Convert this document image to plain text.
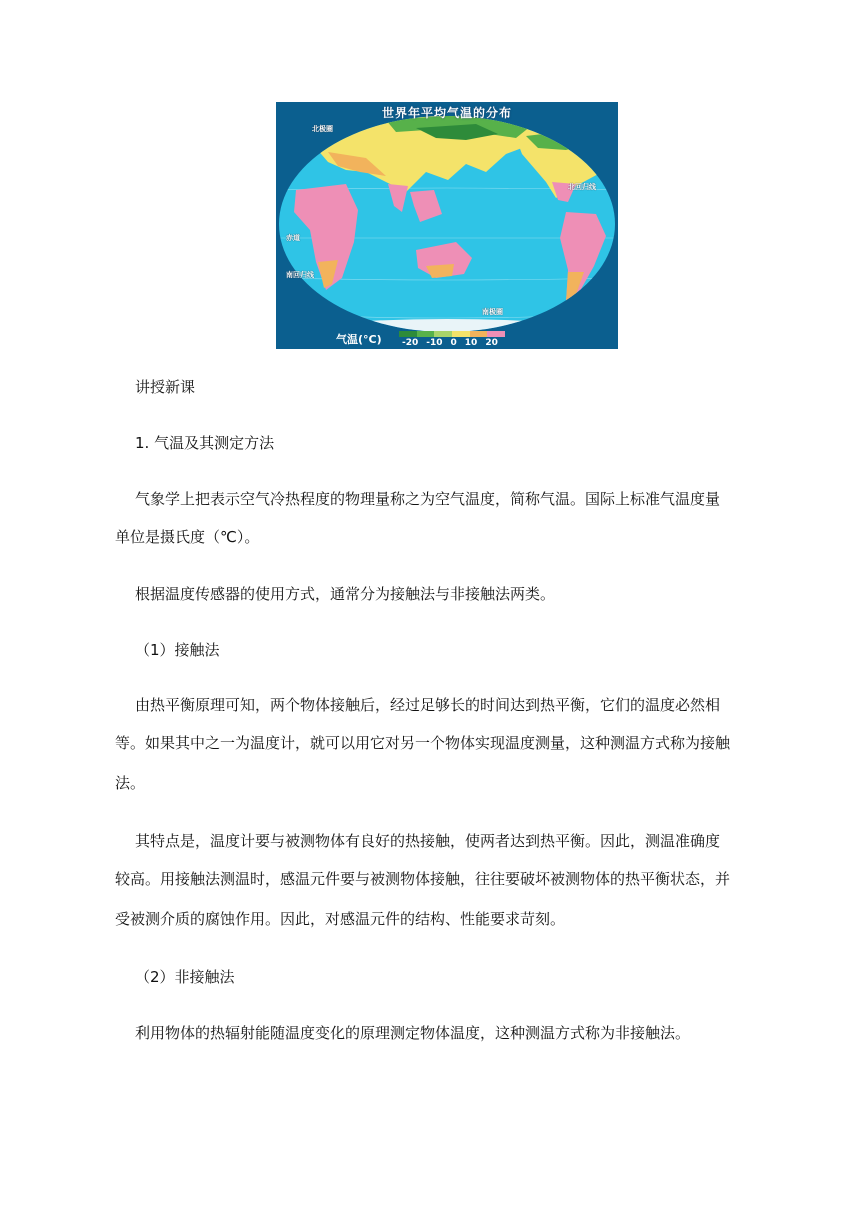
世界年平均气温的分布
北极圈
北回归线
赤道
南回归线
南极圈
气温(°C) -20 -10 0 10 20

讲授新课

1. 气温及其测定方法

气象学上把表示空气冷热程度的物理量称之为空气温度，简称气温。国际上标准气温度量

单位是摄氏度（℃）。

根据温度传感器的使用方式，通常分为接触法与非接触法两类。

（1）接触法

由热平衡原理可知，两个物体接触后，经过足够长的时间达到热平衡，它们的温度必然相

等。如果其中之一为温度计，就可以用它对另一个物体实现温度测量，这种测温方式称为接触

法。

其特点是，温度计要与被测物体有良好的热接触，使两者达到热平衡。因此，测温准确度

较高。用接触法测温时，感温元件要与被测物体接触，往往要破坏被测物体的热平衡状态，并

受被测介质的腐蚀作用。因此，对感温元件的结构、性能要求苛刻。

（2）非接触法

利用物体的热辐射能随温度变化的原理测定物体温度，这种测温方式称为非接触法。
